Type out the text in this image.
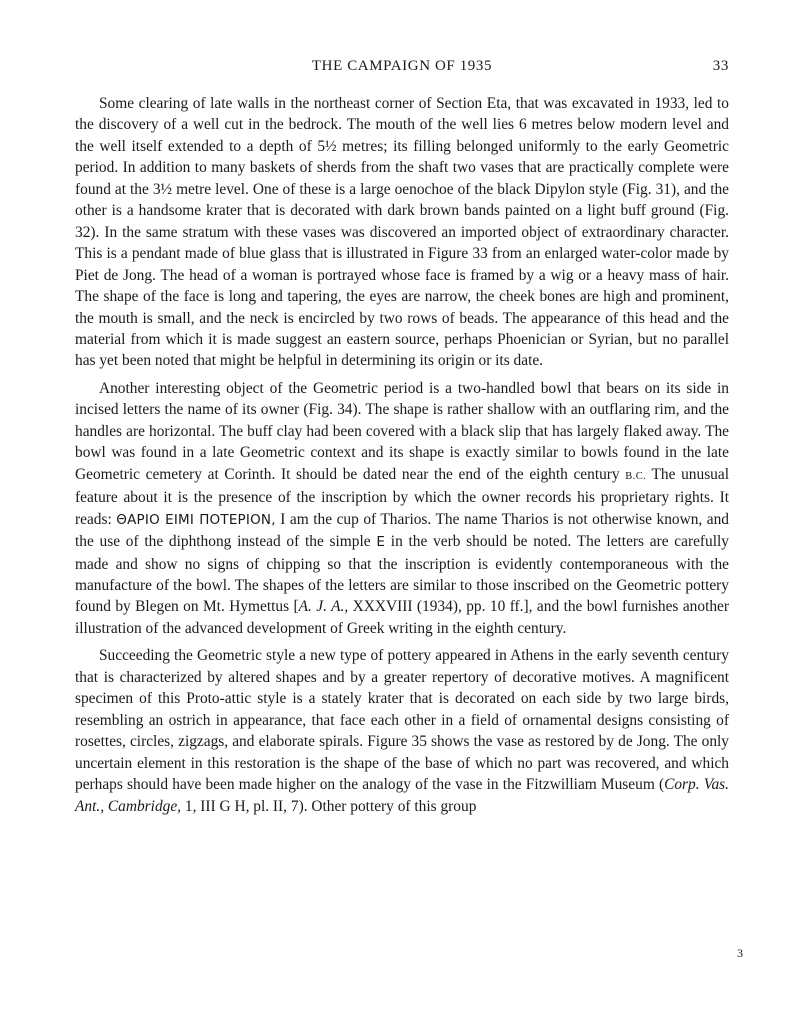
THE CAMPAIGN OF 1935	33

Some clearing of late walls in the northeast corner of Section Eta, that was excavated in 1933, led to the discovery of a well cut in the bedrock. The mouth of the well lies 6 metres below modern level and the well itself extended to a depth of 5½ metres; its filling belonged uniformly to the early Geometric period. In addition to many baskets of sherds from the shaft two vases that are practically complete were found at the 3½ metre level. One of these is a large oenochoe of the black Dipylon style (Fig. 31), and the other is a handsome krater that is decorated with dark brown bands painted on a light buff ground (Fig. 32). In the same stratum with these vases was discovered an imported object of extraordinary character. This is a pendant made of blue glass that is illustrated in Figure 33 from an enlarged water-color made by Piet de Jong. The head of a woman is portrayed whose face is framed by a wig or a heavy mass of hair. The shape of the face is long and tapering, the eyes are narrow, the cheek bones are high and prominent, the mouth is small, and the neck is encircled by two rows of beads. The appearance of this head and the material from which it is made suggest an eastern source, perhaps Phoenician or Syrian, but no parallel has yet been noted that might be helpful in determining its origin or its date.

Another interesting object of the Geometric period is a two-handled bowl that bears on its side in incised letters the name of its owner (Fig. 34). The shape is rather shallow with an outflaring rim, and the handles are horizontal. The buff clay had been covered with a black slip that has largely flaked away. The bowl was found in a late Geometric context and its shape is exactly similar to bowls found in the late Geometric cemetery at Corinth. It should be dated near the end of the eighth century B.C. The unusual feature about it is the presence of the inscription by which the owner records his proprietary rights. It reads: ΘΑΡΙΟ ΕΙΜΙ ΠΟΤΕΡΙΟΝ, I am the cup of Tharios. The name Tharios is not otherwise known, and the use of the diphthong instead of the simple E in the verb should be noted. The letters are carefully made and show no signs of chipping so that the inscription is evidently contemporaneous with the manufacture of the bowl. The shapes of the letters are similar to those inscribed on the Geometric pottery found by Blegen on Mt. Hymettus [A. J. A., XXXVIII (1934), pp. 10 ff.], and the bowl furnishes another illustration of the advanced development of Greek writing in the eighth century.

Succeeding the Geometric style a new type of pottery appeared in Athens in the early seventh century that is characterized by altered shapes and by a greater repertory of decorative motives. A magnificent specimen of this Proto-attic style is a stately krater that is decorated on each side by two large birds, resembling an ostrich in appearance, that face each other in a field of ornamental designs consisting of rosettes, circles, zigzags, and elaborate spirals. Figure 35 shows the vase as restored by de Jong. The only uncertain element in this restoration is the shape of the base of which no part was recovered, and which perhaps should have been made higher on the analogy of the vase in the Fitzwilliam Museum (Corp. Vas. Ant., Cambridge, 1, III G H, pl. II, 7). Other pottery of this group

3
